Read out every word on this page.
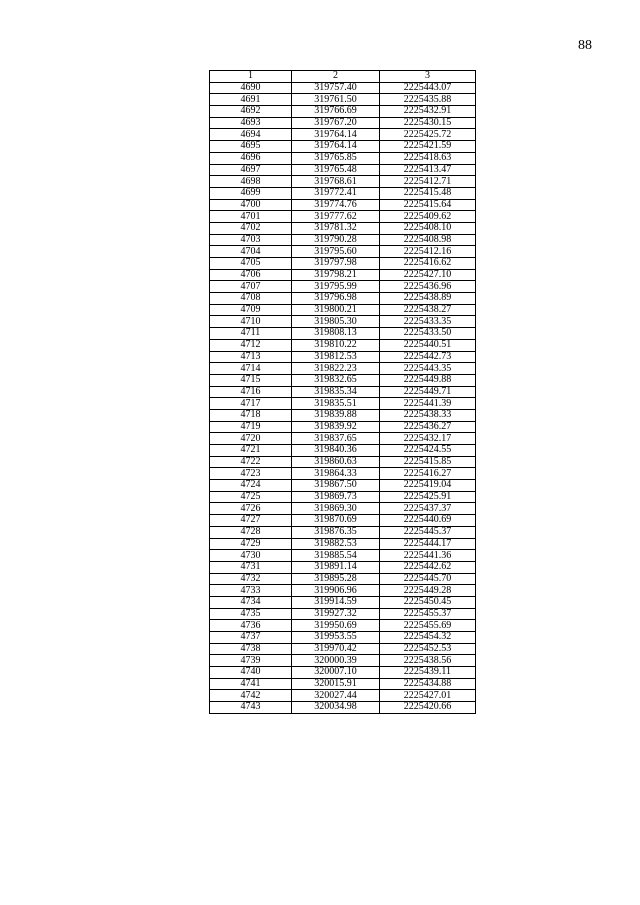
88
1	2	3
4690	319757.40	2225443.07
4691	319761.50	2225435.88
4692	319766.69	2225432.91
4693	319767.20	2225430.15
4694	319764.14	2225425.72
4695	319764.14	2225421.59
4696	319765.85	2225418.63
4697	319765.48	2225413.47
4698	319768.61	2225412.71
4699	319772.41	2225415.48
4700	319774.76	2225415.64
4701	319777.62	2225409.62
4702	319781.32	2225408.10
4703	319790.28	2225408.98
4704	319795.60	2225412.16
4705	319797.98	2225416.62
4706	319798.21	2225427.10
4707	319795.99	2225436.96
4708	319796.98	2225438.89
4709	319800.21	2225438.27
4710	319805.30	2225433.35
4711	319808.13	2225433.50
4712	319810.22	2225440.51
4713	319812.53	2225442.73
4714	319822.23	2225443.35
4715	319832.65	2225449.88
4716	319835.34	2225449.71
4717	319835.51	2225441.39
4718	319839.88	2225438.33
4719	319839.92	2225436.27
4720	319837.65	2225432.17
4721	319840.36	2225424.55
4722	319860.63	2225415.85
4723	319864.33	2225416.27
4724	319867.50	2225419.04
4725	319869.73	2225425.91
4726	319869.30	2225437.37
4727	319870.69	2225440.69
4728	319876.35	2225445.37
4729	319882.53	2225444.17
4730	319885.54	2225441.36
4731	319891.14	2225442.62
4732	319895.28	2225445.70
4733	319906.96	2225449.28
4734	319914.59	2225450.45
4735	319927.32	2225455.37
4736	319950.69	2225455.69
4737	319953.55	2225454.32
4738	319970.42	2225452.53
4739	320000.39	2225438.56
4740	320007.10	2225439.11
4741	320015.91	2225434.88
4742	320027.44	2225427.01
4743	320034.98	2225420.66
